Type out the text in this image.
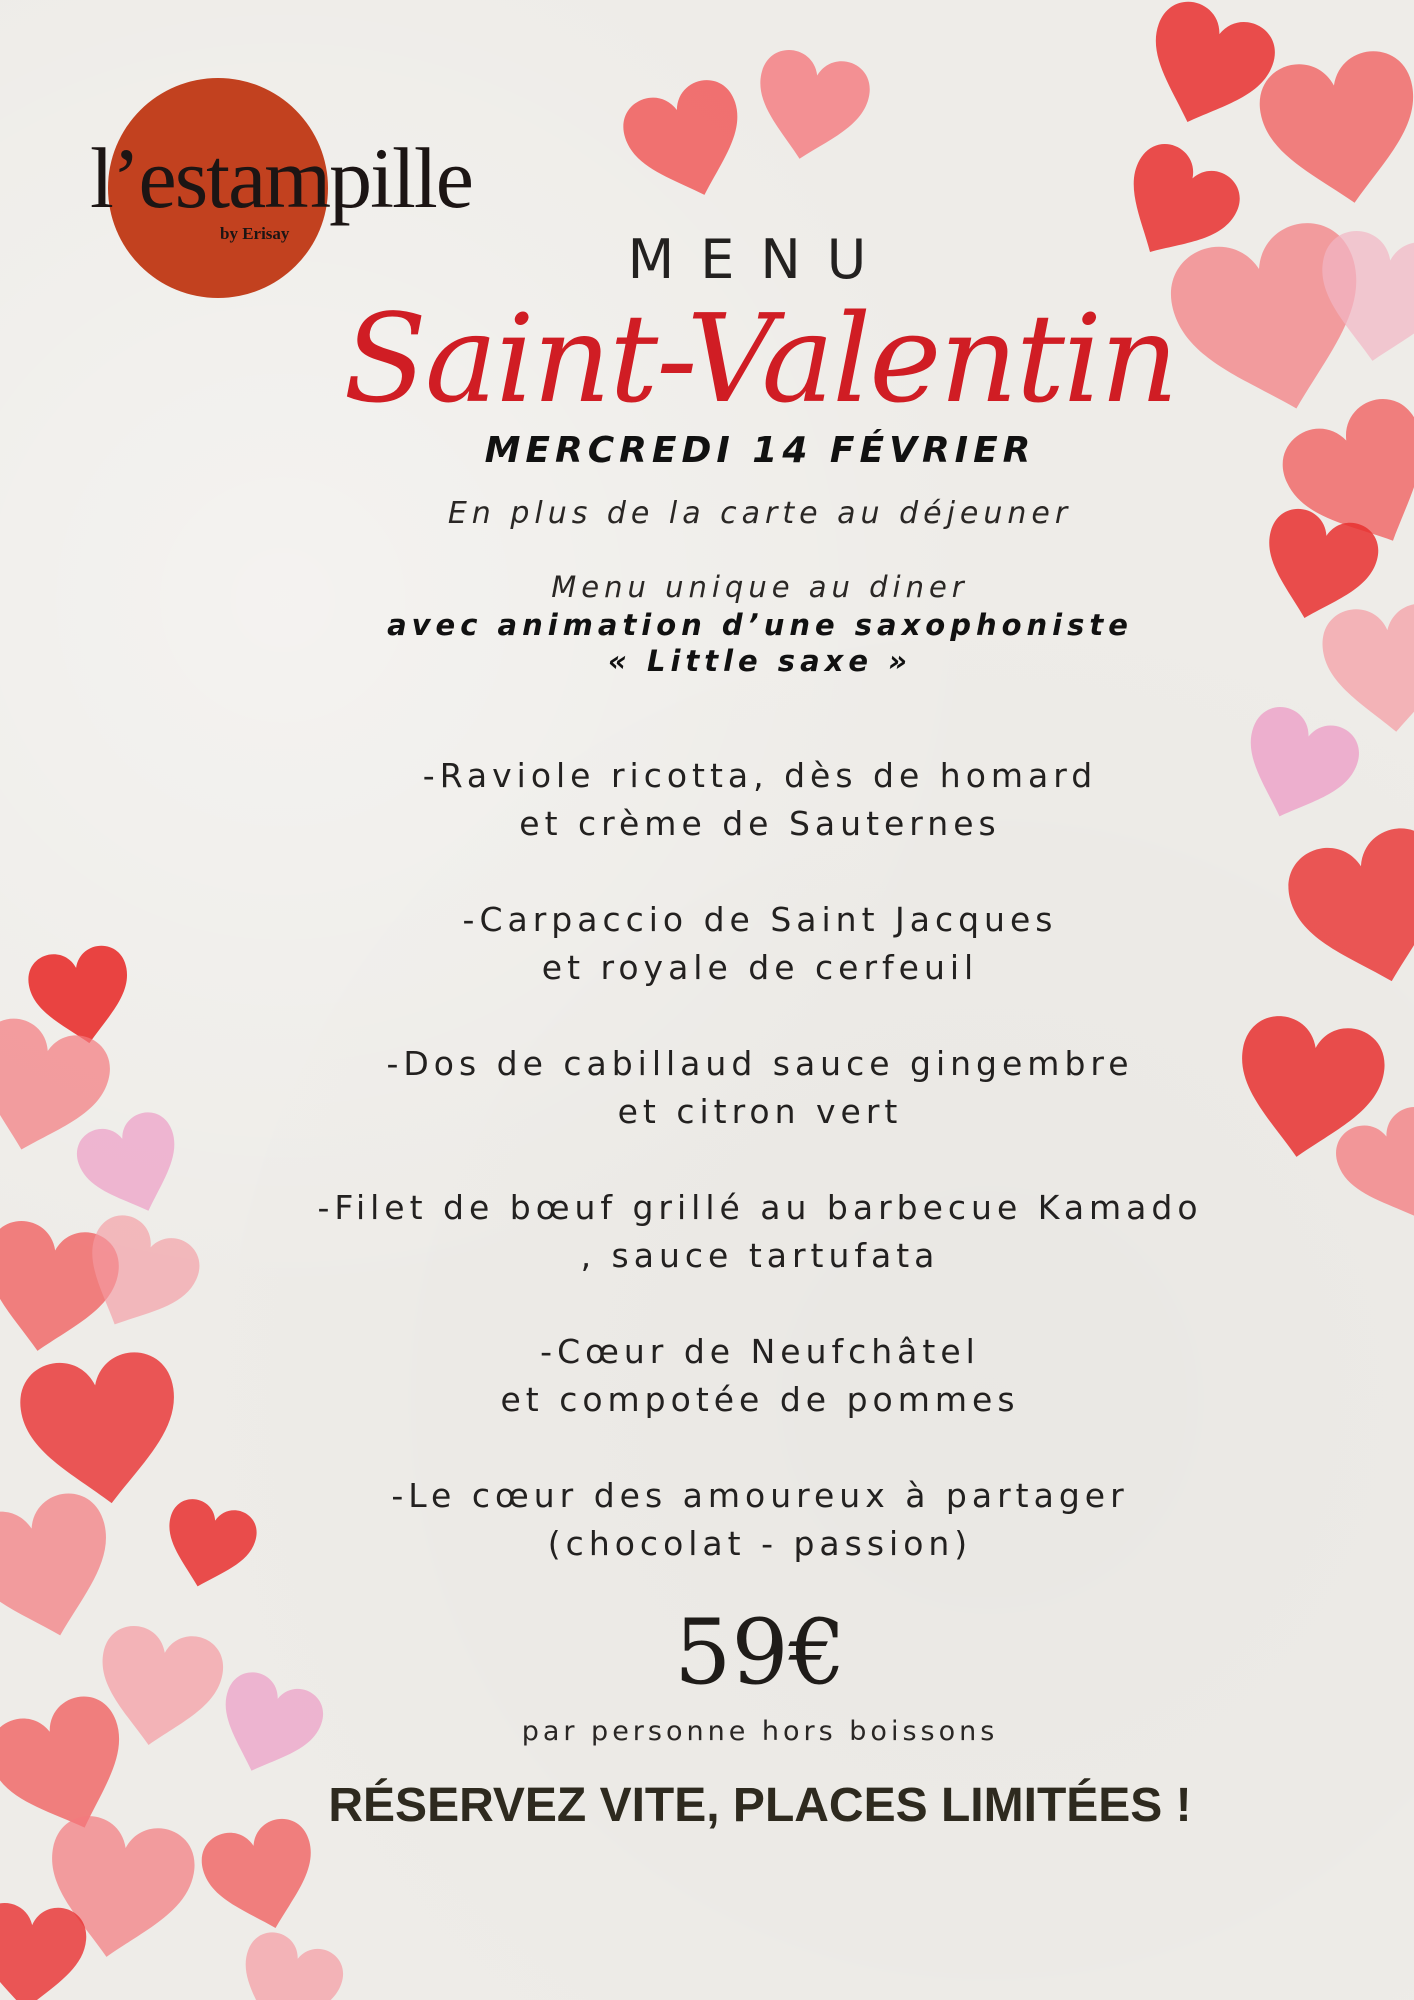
l’estampille
by Erisay	MENU
Saint-Valentin
MERCREDI 14 FÉVRIER
En plus de la carte au déjeuner
Menu unique au diner
avec animation d’une saxophoniste
« Little saxe »
-Raviole ricotta, dès de homard
et crème de Sauternes
-Carpaccio de Saint Jacques
et royale de cerfeuil
-Dos de cabillaud sauce gingembre
et citron vert
-Filet de bœuf grillé au barbecue Kamado
, sauce tartufata
-Cœur de Neufchâtel
et compotée de pommes
-Le cœur des amoureux à partager
(chocolat - passion)
59€
par personne hors boissons
RÉSERVEZ VITE, PLACES LIMITÉES !
